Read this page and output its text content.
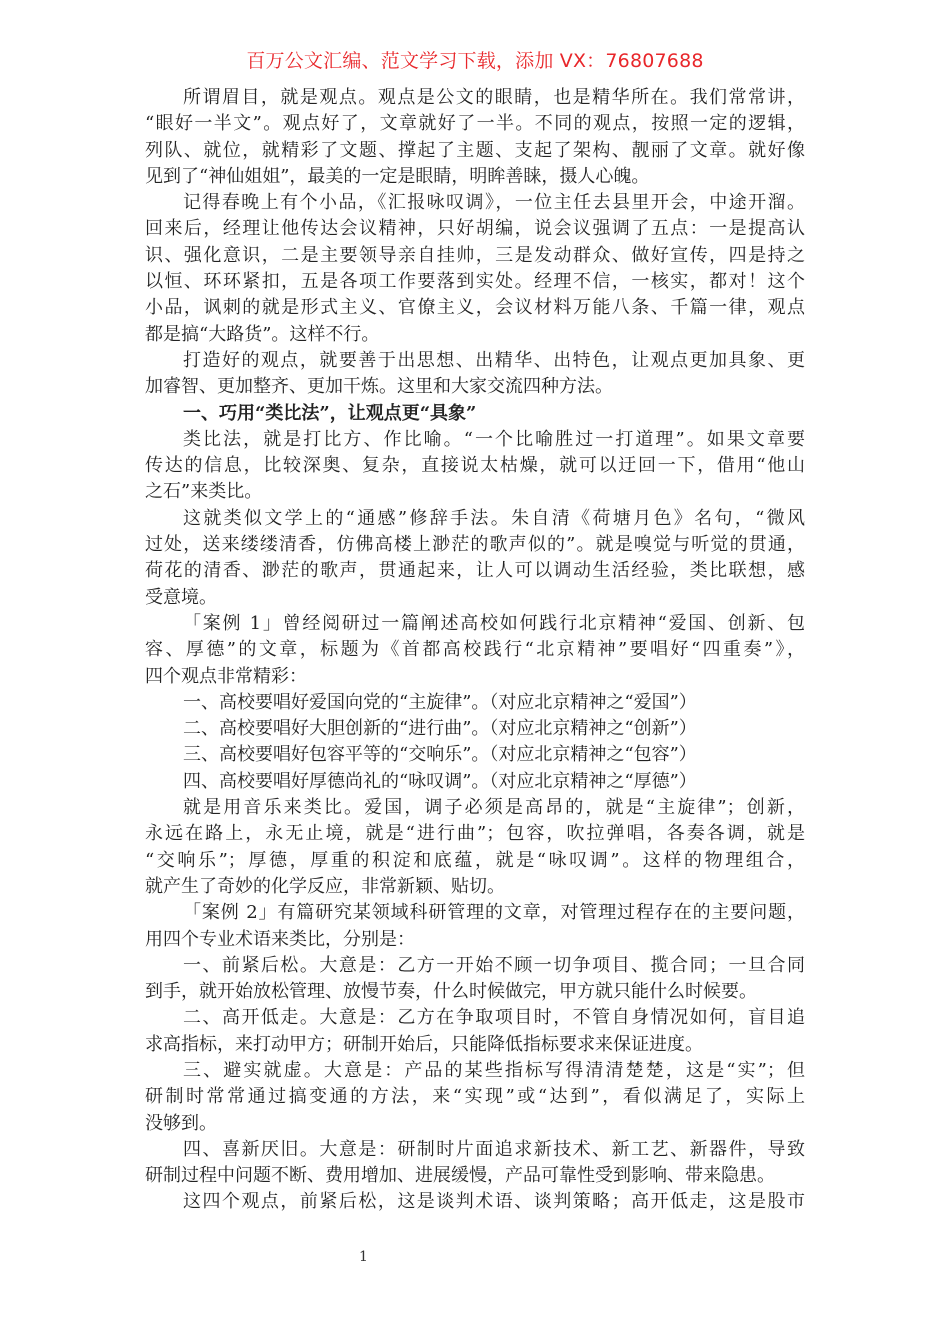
百万公文汇编、范文学习下载，添加 VX：76807688
所谓眉目，就是观点。观点是公文的眼睛，也是精华所在。我们常常讲，
“眼好一半文”。观点好了，文章就好了一半。不同的观点，按照一定的逻辑，
列队、就位，就精彩了文题、撑起了主题、支起了架构、靓丽了文章。就好像
见到了“神仙姐姐”，最美的一定是眼睛，明眸善睐，摄人心魄。
记得春晚上有个小品，《汇报咏叹调》，一位主任去县里开会，中途开溜。
回来后，经理让他传达会议精神，只好胡编，说会议强调了五点：一是提高认
识、强化意识，二是主要领导亲自挂帅，三是发动群众、做好宣传，四是持之
以恒、环环紧扣，五是各项工作要落到实处。经理不信，一核实，都对！这个
小品，讽刺的就是形式主义、官僚主义，会议材料万能八条、千篇一律，观点
都是搞“大路货”。这样不行。
打造好的观点，就要善于出思想、出精华、出特色，让观点更加具象、更
加睿智、更加整齐、更加干炼。这里和大家交流四种方法。
一、巧用“类比法”，让观点更“具象”
类比法，就是打比方、作比喻。“一个比喻胜过一打道理”。如果文章要
传达的信息，比较深奥、复杂，直接说太枯燥，就可以迂回一下，借用“他山
之石”来类比。
这就类似文学上的“通感”修辞手法。朱自清《荷塘月色》名句，“微风
过处，送来缕缕清香，仿佛高楼上渺茫的歌声似的”。就是嗅觉与听觉的贯通，
荷花的清香、渺茫的歌声，贯通起来，让人可以调动生活经验，类比联想，感
受意境。
「案例 1」曾经阅研过一篇阐述高校如何践行北京精神“爱国、创新、包
容、厚德”的文章，标题为《首都高校践行“北京精神”要唱好“四重奏”》，
四个观点非常精彩：
一、高校要唱好爱国向党的“主旋律”。（对应北京精神之“爱国”）
二、高校要唱好大胆创新的“进行曲”。（对应北京精神之“创新”）
三、高校要唱好包容平等的“交响乐”。（对应北京精神之“包容”）
四、高校要唱好厚德尚礼的“咏叹调”。（对应北京精神之“厚德”）
就是用音乐来类比。爱国，调子必须是高昂的，就是“主旋律”；创新，
永远在路上，永无止境，就是“进行曲”；包容，吹拉弹唱，各奏各调，就是
“交响乐”；厚德，厚重的积淀和底蕴，就是“咏叹调”。这样的物理组合，
就产生了奇妙的化学反应，非常新颖、贴切。
「案例 2」有篇研究某领域科研管理的文章，对管理过程存在的主要问题，
用四个专业术语来类比，分别是：
一、前紧后松。大意是：乙方一开始不顾一切争项目、揽合同；一旦合同
到手，就开始放松管理、放慢节奏，什么时候做完，甲方就只能什么时候要。
二、高开低走。大意是：乙方在争取项目时，不管自身情况如何，盲目追
求高指标，来打动甲方；研制开始后，只能降低指标要求来保证进度。
三、避实就虚。大意是：产品的某些指标写得清清楚楚，这是“实”；但
研制时常常通过搞变通的方法，来“实现”或“达到”，看似满足了，实际上
没够到。
四、喜新厌旧。大意是：研制时片面追求新技术、新工艺、新器件，导致
研制过程中问题不断、费用增加、进展缓慢，产品可靠性受到影响、带来隐患。
这四个观点，前紧后松，这是谈判术语、谈判策略；高开低走，这是股市
1
